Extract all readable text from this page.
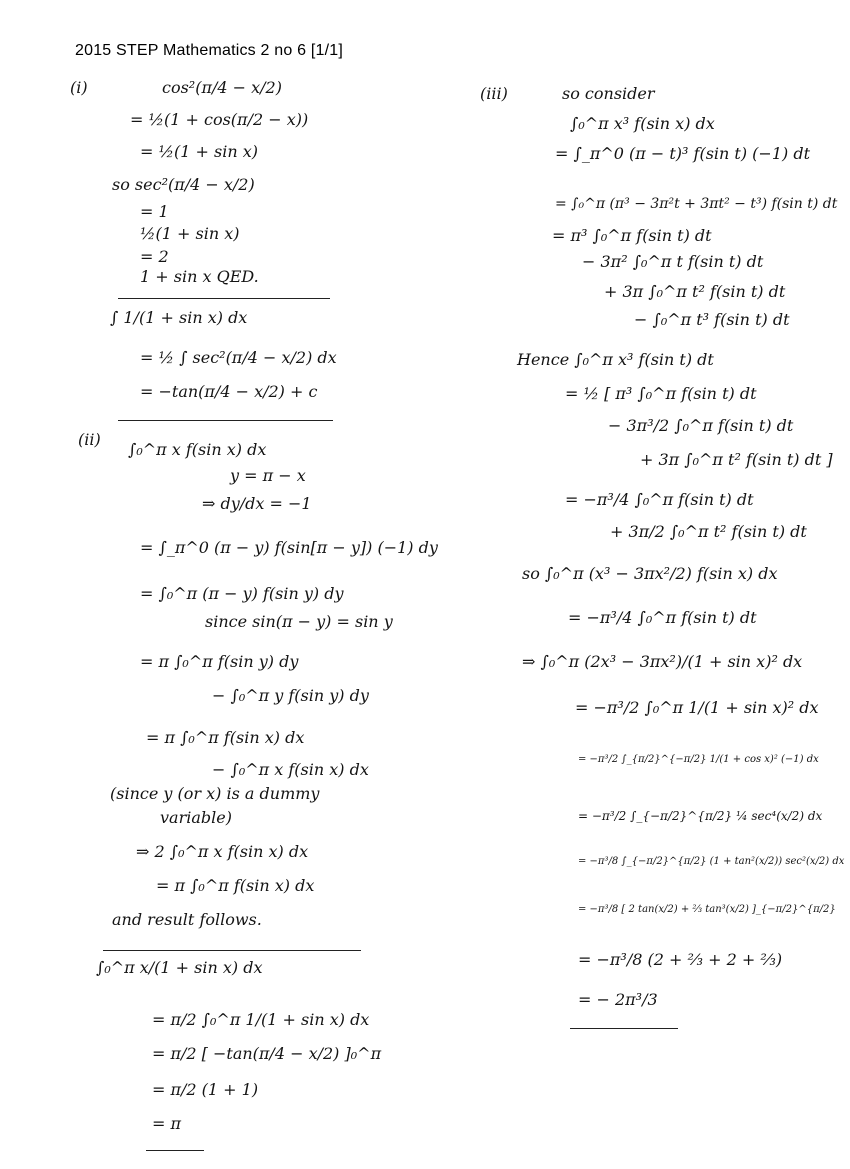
2015 STEP Mathematics 2 no 6 [1/1]
(i)	cos²(π/4 − x/2)
= ½(1 + cos(π/2 − x))
= ½(1 + sin x)
so sec²(π/4 − x/2)
= 1
½(1 + sin x)
= 2
1 + sin x QED.
∫ 1/(1 + sin x) dx
= ½ ∫ sec²(π/4 − x/2) dx
= −tan(π/4 − x/2) + c
(ii)
∫₀^π x f(sin x) dx
y = π − x
⇒ dy/dx = −1
= ∫_π^0 (π − y) f(sin[π − y]) (−1) dy
= ∫₀^π (π − y) f(sin y) dy
since sin(π − y) = sin y
= π ∫₀^π f(sin y) dy
− ∫₀^π y f(sin y) dy
= π ∫₀^π f(sin x) dx
− ∫₀^π x f(sin x) dx
(since y (or x) is a dummy
variable)
⇒ 2 ∫₀^π x f(sin x) dx
= π ∫₀^π f(sin x) dx
and result follows.
∫₀^π x/(1 + sin x) dx
= π/2 ∫₀^π 1/(1 + sin x) dx
= π/2 [ −tan(π/4 − x/2) ]₀^π
= π/2 (1 + 1)
= π
(iii)	so consider
∫₀^π x³ f(sin x) dx
= ∫_π^0 (π − t)³ f(sin t) (−1) dt
= ∫₀^π (π³ − 3π²t + 3πt² − t³) f(sin t) dt
= π³ ∫₀^π f(sin t) dt
− 3π² ∫₀^π t f(sin t) dt
+ 3π ∫₀^π t² f(sin t) dt
− ∫₀^π t³ f(sin t) dt
Hence ∫₀^π x³ f(sin t) dt
= ½ [ π³ ∫₀^π f(sin t) dt
− 3π³/2 ∫₀^π f(sin t) dt
+ 3π ∫₀^π t² f(sin t) dt ]
= −π³/4 ∫₀^π f(sin t) dt
+ 3π/2 ∫₀^π t² f(sin t) dt
so ∫₀^π (x³ − 3πx²/2) f(sin x) dx
= −π³/4 ∫₀^π f(sin t) dt
⇒ ∫₀^π (2x³ − 3πx²)/(1 + sin x)² dx
= −π³/2 ∫₀^π 1/(1 + sin x)² dx
= −π³/2 ∫_{π/2}^{−π/2} 1/(1 + cos x)² (−1) dx
= −π³/2 ∫_{−π/2}^{π/2} ¼ sec⁴(x/2) dx
= −π³/8 ∫_{−π/2}^{π/2} (1 + tan²(x/2)) sec²(x/2) dx
= −π³/8 [ 2 tan(x/2) + ⅔ tan³(x/2) ]_{−π/2}^{π/2}
= −π³/8 (2 + ⅔ + 2 + ⅔)
= − 2π³/3
